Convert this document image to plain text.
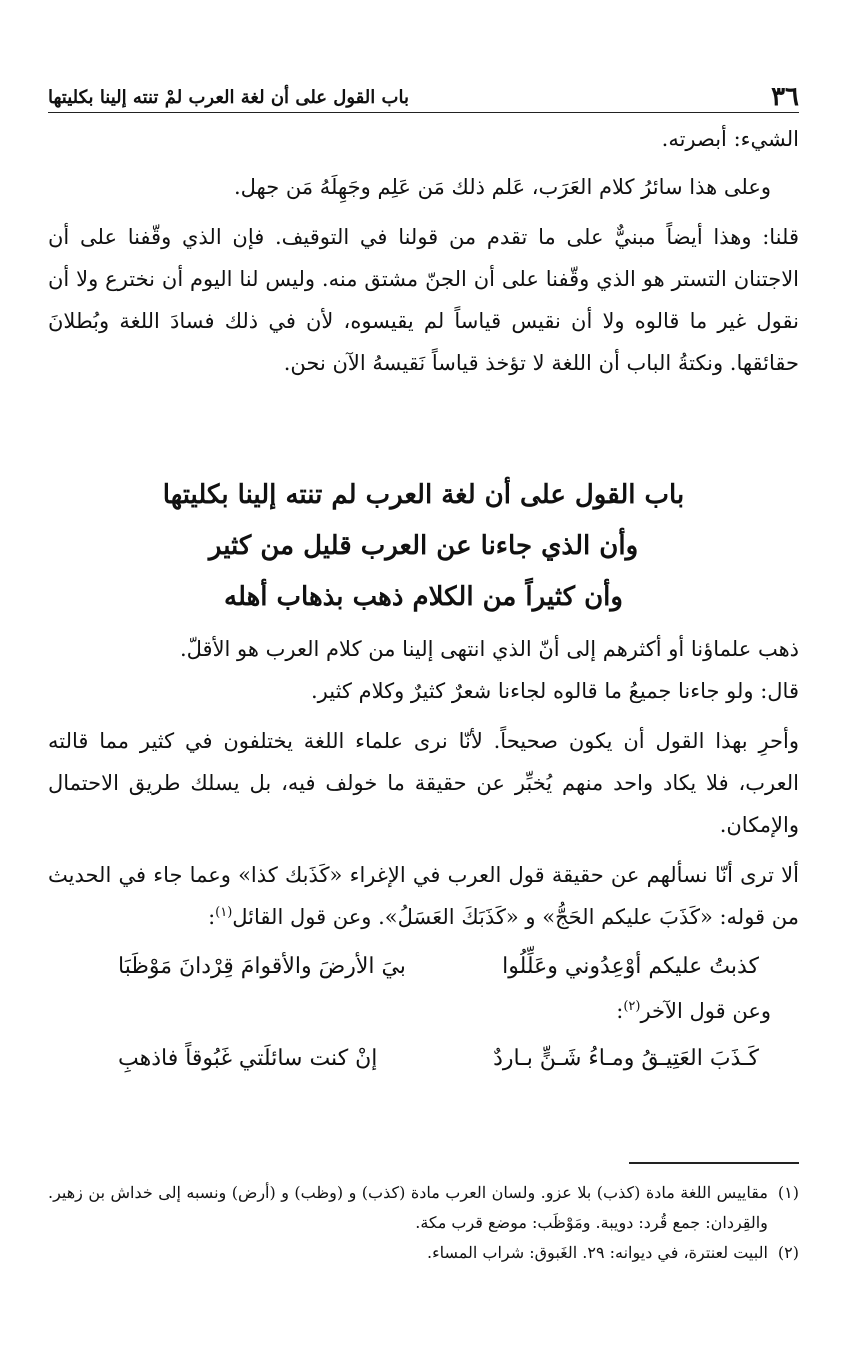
٣٦
باب القول على أن لغة العرب لمْ تنته إلينا بكليتها

الشيء: أبصرته.

وعلى هذا سائرُ كلام العَرَب، عَلم ذلك مَن عَلِم وجَهِلَهُ مَن جهل.

قلنا: وهذا أيضاً مبنيٌّ على ما تقدم من قولنا في التوقيف. فإن الذي وقّفنا على أن الاجتنان التستر هو الذي وقّفنا على أن الجنّ مشتق منه. وليس لنا اليوم أن نخترع ولا أن نقول غير ما قالوه ولا أن نقيس قياساً لم يقيسوه، لأن في ذلك فسادَ اللغة وبُطلانَ حقائقها. ونكتةُ الباب أن اللغة لا تؤخذ قياساً نَقيسهُ الآن نحن.

باب القول على أن لغة العرب لم تنته إلينا بكليتها
وأن الذي جاءنا عن العرب قليل من كثير
وأن كثيراً من الكلام ذهب بذهاب أهله

ذهب علماؤنا أو أكثرهم إلى أنّ الذي انتهى إلينا من كلام العرب هو الأقلّ.

قال: ولو جاءنا جميعُ ما قالوه لجاءنا شعرٌ كثيرٌ وكلام كثير.

وأحرِ بهذا القول أن يكون صحيحاً. لأنّا نرى علماء اللغة يختلفون في كثير مما قالته العرب، فلا يكاد واحد منهم يُخبِّر عن حقيقة ما خولف فيه، بل يسلك طريق الاحتمال والإمكان.

ألا ترى أنّا نسألهم عن حقيقة قول العرب في الإغراء «كَذَبك كذا» وعما جاء في الحديث من قوله: «كَذَبَ عليكم الحَجُّ» و «كَذَبَكَ العَسَلُ». وعن قول القائل$^{(١)}$:

كذبتُ عليكم أوْعِدُوني وعَلِّلُوا
بيَ الأرضَ والأقوامَ قِرْدانَ مَوْظَبَا

وعن قول الآخر$^{(٢)}$:

كَـذَبَ العَتِيـقُ ومـاءُ شَـنٍّ بـاردٌ
إنْ كنت سائلَتي غَبُوقاً فاذهبِ
(١)
مقاييس اللغة مادة (كذب) بلا عزو. ولسان العرب مادة (كذب) و (وظب) و (أرض) ونسبه إلى خداش بن زهير. والقِردان: جمع قُرد: دويبة. ومَوْظَب: موضع قرب مكة.
(٢)
البيت لعنترة، في ديوانه: ٢٩. الغَبوق: شراب المساء.
